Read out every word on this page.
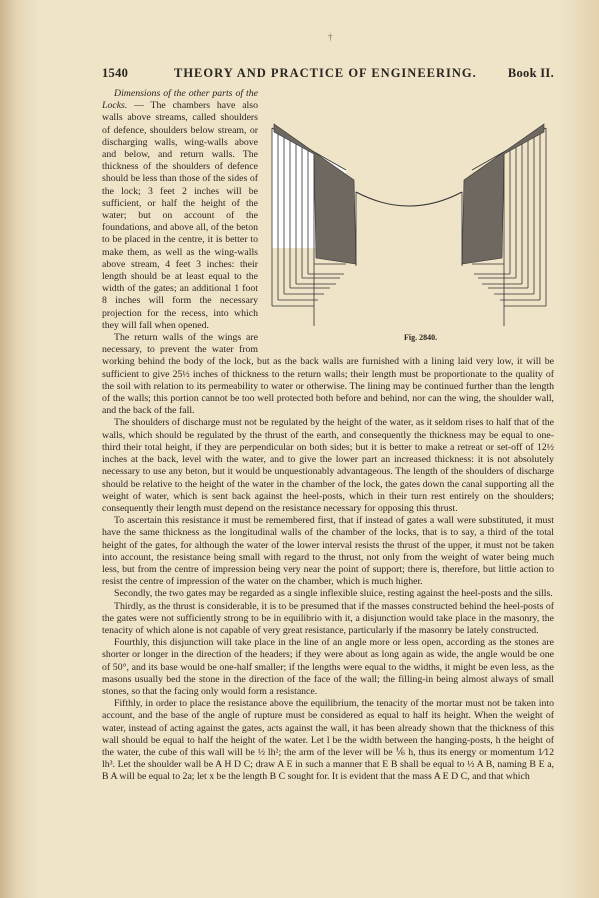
†
1540	THEORY AND PRACTICE OF ENGINEERING. Book II.
Fig. 2840.

Dimensions of the other parts of the Locks. — The chambers have also walls above streams, called shoulders of defence, shoulders below stream, or discharging walls, wing-walls above and below, and return walls. The thickness of the shoulders of defence should be less than those of the sides of the lock; 3 feet 2 inches will be sufficient, or half the height of the water; but on account of the foundations, and above all, of the beton to be placed in the centre, it is better to make them, as well as the wing-walls above stream, 4 feet 3 inches: their length should be at least equal to the width of the gates; an additional 1 foot 8 inches will form the necessary projection for the recess, into which they will fall when opened.

The return walls of the wings are necessary, to prevent the water from working behind the body of the lock, but as the back walls are furnished with a lining laid very low, it will be sufficient to give 25½ inches of thickness to the return walls; their length must be proportionate to the quality of the soil with relation to its permeability to water or otherwise. The lining may be continued further than the length of the walls; this portion cannot be too well protected both before and behind, nor can the wing, the shoulder wall, and the back of the fall.

The shoulders of discharge must not be regulated by the height of the water, as it seldom rises to half that of the walls, which should be regulated by the thrust of the earth, and consequently the thickness may be equal to one-third their total height, if they are perpendicular on both sides; but it is better to make a retreat or set-off of 12½ inches at the back, level with the water, and to give the lower part an increased thickness: it is not absolutely necessary to use any beton, but it would be unquestionably advantageous. The length of the shoulders of discharge should be relative to the height of the water in the chamber of the lock, the gates down the canal supporting all the weight of water, which is sent back against the heel-posts, which in their turn rest entirely on the shoulders; consequently their length must depend on the resistance necessary for opposing this thrust.

To ascertain this resistance it must be remembered first, that if instead of gates a wall were substituted, it must have the same thickness as the longitudinal walls of the chamber of the locks, that is to say, a third of the total height of the gates, for although the water of the lower interval resists the thrust of the upper, it must not be taken into account, the resistance being small with regard to the thrust, not only from the weight of water being much less, but from the centre of impression being very near the point of support; there is, therefore, but little action to resist the centre of impression of the water on the chamber, which is much higher.

Secondly, the two gates may be regarded as a single inflexible sluice, resting against the heel-posts and the sills.

Thirdly, as the thrust is considerable, it is to be presumed that if the masses constructed behind the heel-posts of the gates were not sufficiently strong to be in equilibrio with it, a disjunction would take place in the masonry, the tenacity of which alone is not capable of very great resistance, particularly if the masonry be lately constructed.

Fourthly, this disjunction will take place in the line of an angle more or less open, according as the stones are shorter or longer in the direction of the headers; if they were about as long again as wide, the angle would be one of 50°, and its base would be one-half smaller; if the lengths were equal to the widths, it might be even less, as the masons usually bed the stone in the direction of the face of the wall; the filling-in being almost always of small stones, so that the facing only would form a resistance.

Fifthly, in order to place the resistance above the equilibrium, the tenacity of the mortar must not be taken into account, and the base of the angle of rupture must be considered as equal to half its height. When the weight of water, instead of acting against the gates, acts against the wall, it has been already shown that the thickness of this wall should be equal to half the height of the water. Let l be the width between the hanging-posts, h the height of the water, the cube of this wall will be ½ lh²; the arm of the lever will be ⅙ h, thus its energy or momentum 1⁄12 lh³. Let the shoulder wall be A H D C; draw A E in such a manner that E B shall be equal to ½ A B, naming B E a, B A will be equal to 2a; let x be the length B C sought for. It is evident that the mass A E D C, and that which
